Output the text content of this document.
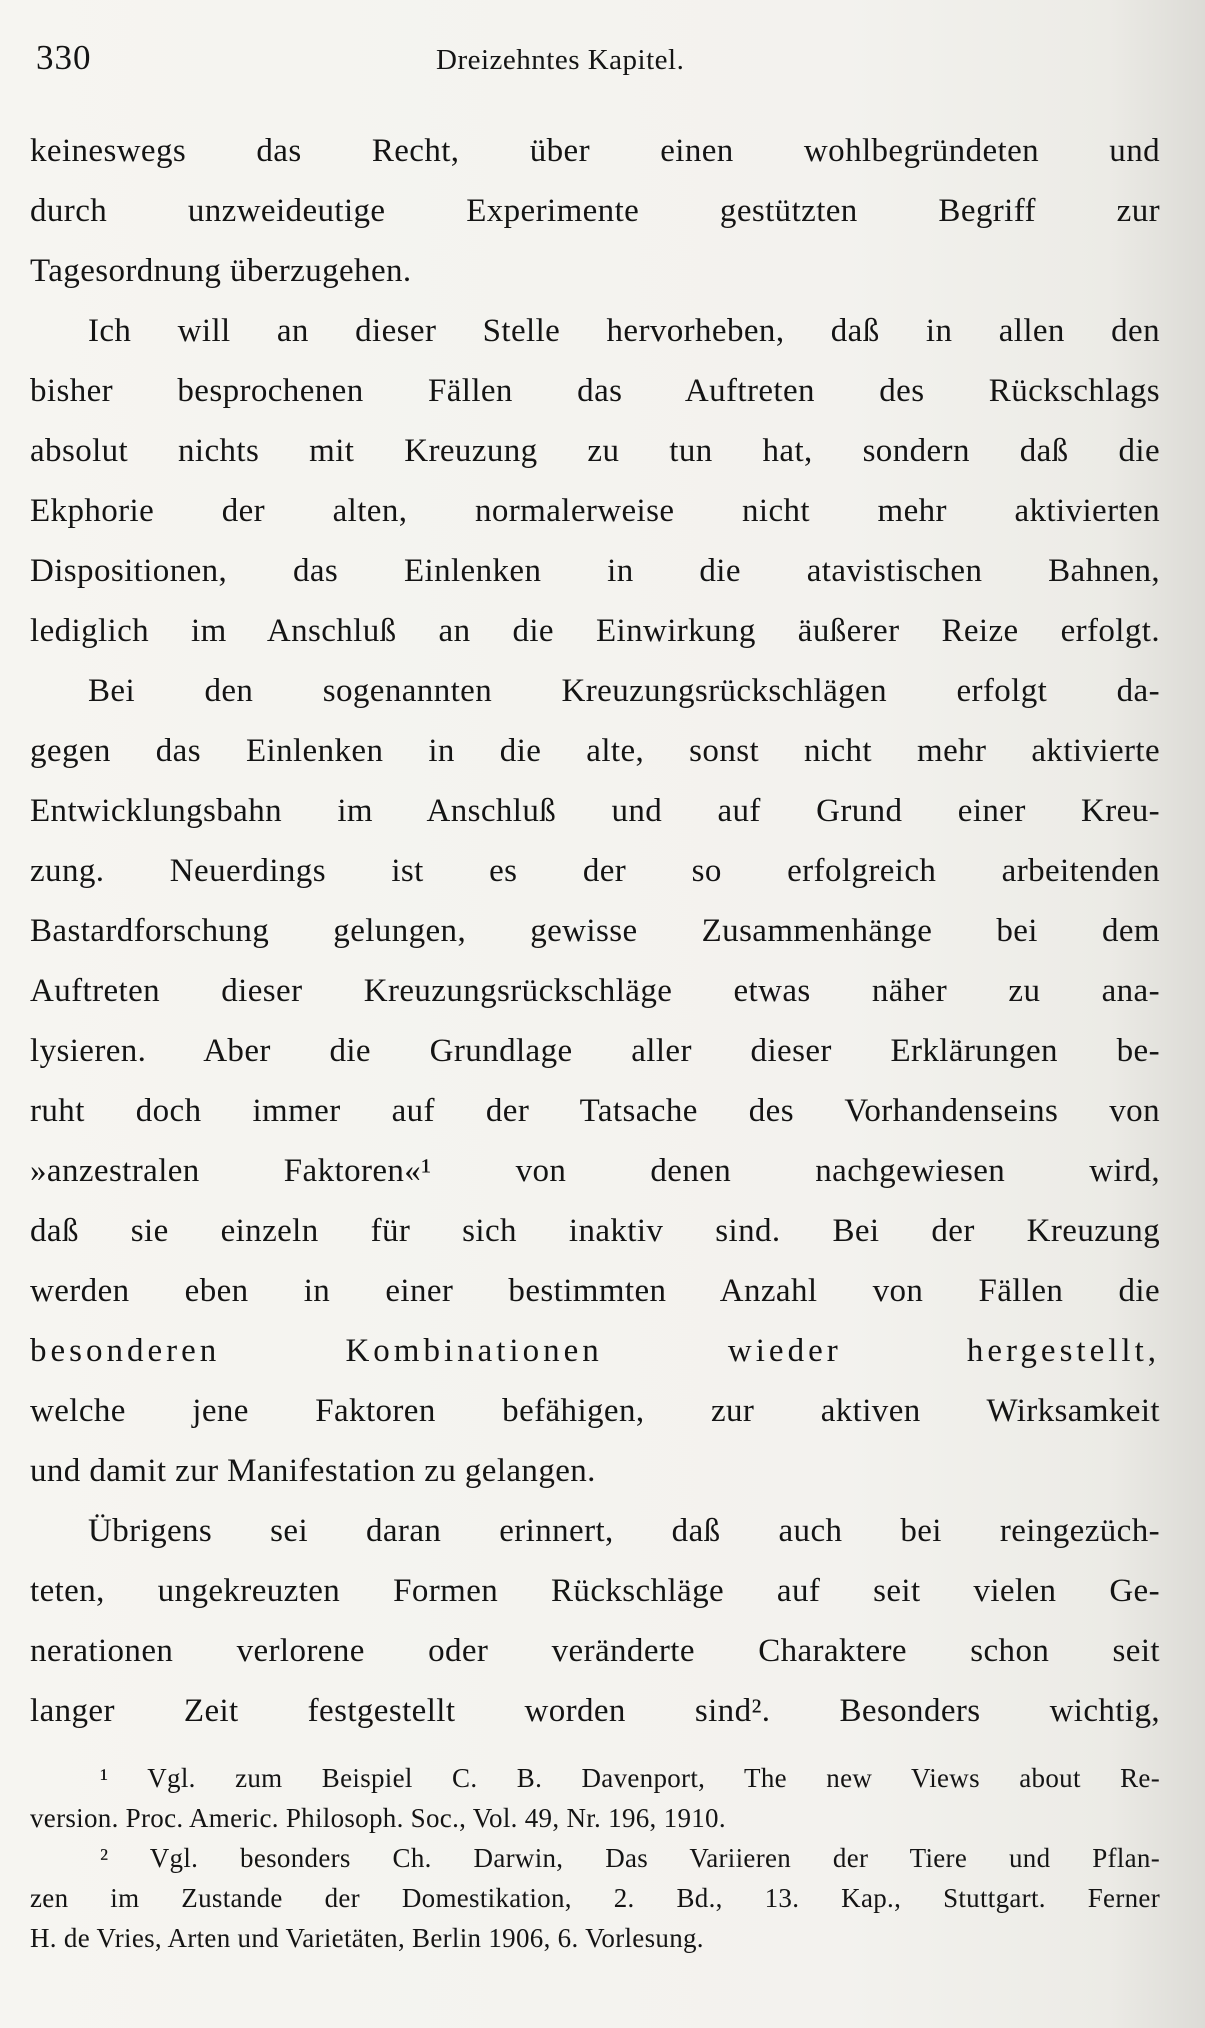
330	Dreizehntes Kapitel.
keineswegs das Recht, über einen wohlbegründeten und
durch unzweideutige Experimente gestützten Begriff zur
Tagesordnung überzugehen.
Ich will an dieser Stelle hervorheben, daß in allen den
bisher besprochenen Fällen das Auftreten des Rückschlags
absolut nichts mit Kreuzung zu tun hat, sondern daß die
Ekphorie der alten, normalerweise nicht mehr aktivierten
Dispositionen, das Einlenken in die atavistischen Bahnen,
lediglich im Anschluß an die Einwirkung äußerer Reize erfolgt.
Bei den sogenannten Kreuzungsrückschlägen erfolgt da-
gegen das Einlenken in die alte, sonst nicht mehr aktivierte
Entwicklungsbahn im Anschluß und auf Grund einer Kreu-
zung. Neuerdings ist es der so erfolgreich arbeitenden
Bastardforschung gelungen, gewisse Zusammenhänge bei dem
Auftreten dieser Kreuzungsrückschläge etwas näher zu ana-
lysieren. Aber die Grundlage aller dieser Erklärungen be-
ruht doch immer auf der Tatsache des Vorhandenseins von
»anzestralen Faktoren«¹ von denen nachgewiesen wird,
daß sie einzeln für sich inaktiv sind. Bei der Kreuzung
werden eben in einer bestimmten Anzahl von Fällen die
besonderen Kombinationen wieder hergestellt,
welche jene Faktoren befähigen, zur aktiven Wirksamkeit
und damit zur Manifestation zu gelangen.
Übrigens sei daran erinnert, daß auch bei reingezüch-
teten, ungekreuzten Formen Rückschläge auf seit vielen Ge-
nerationen verlorene oder veränderte Charaktere schon seit
langer Zeit festgestellt worden sind². Besonders wichtig,
¹ Vgl. zum Beispiel C. B. Davenport, The new Views about Re-
version. Proc. Americ. Philosoph. Soc., Vol. 49, Nr. 196, 1910.
² Vgl. besonders Ch. Darwin, Das Variieren der Tiere und Pflan-
zen im Zustande der Domestikation, 2. Bd., 13. Kap., Stuttgart. Ferner
H. de Vries, Arten und Varietäten, Berlin 1906, 6. Vorlesung.
